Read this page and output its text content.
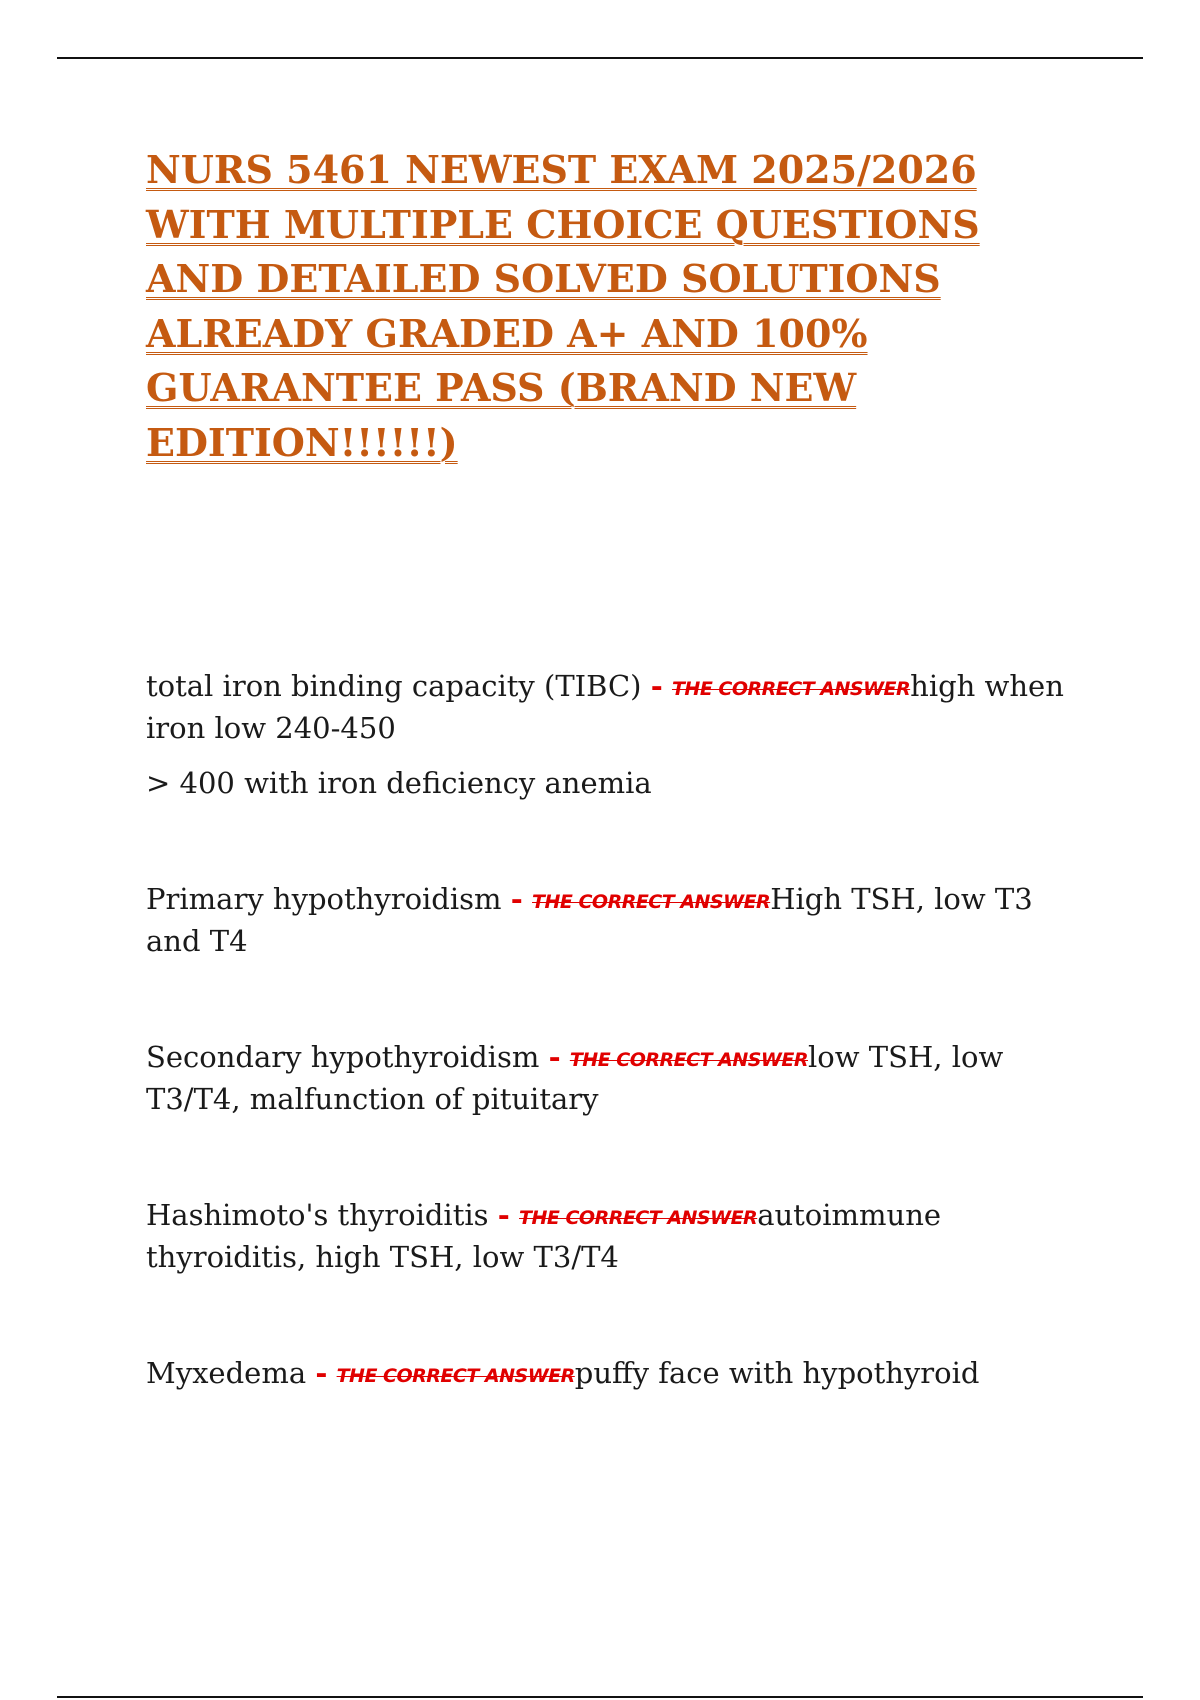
NURS 5461 NEWEST EXAM 2025/2026 WITH MULTIPLE CHOICE QUESTIONS AND DETAILED SOLVED SOLUTIONS ALREADY GRADED A+ AND 100% GUARANTEE PASS (BRAND NEW EDITION!!!!!!)
total iron binding capacity (TIBC) - THE CORRECT ANSWERhigh when iron low 240-450

> 400 with iron deficiency anemia

Primary hypothyroidism - THE CORRECT ANSWERHigh TSH, low T3 and T4
Secondary hypothyroidism - THE CORRECT ANSWERlow TSH, low T3/T4, malfunction of pituitary
Hashimoto's thyroiditis - THE CORRECT ANSWERautoimmune thyroiditis, high TSH, low T3/T4
Myxedema - THE CORRECT ANSWERpuffy face with hypothyroid
